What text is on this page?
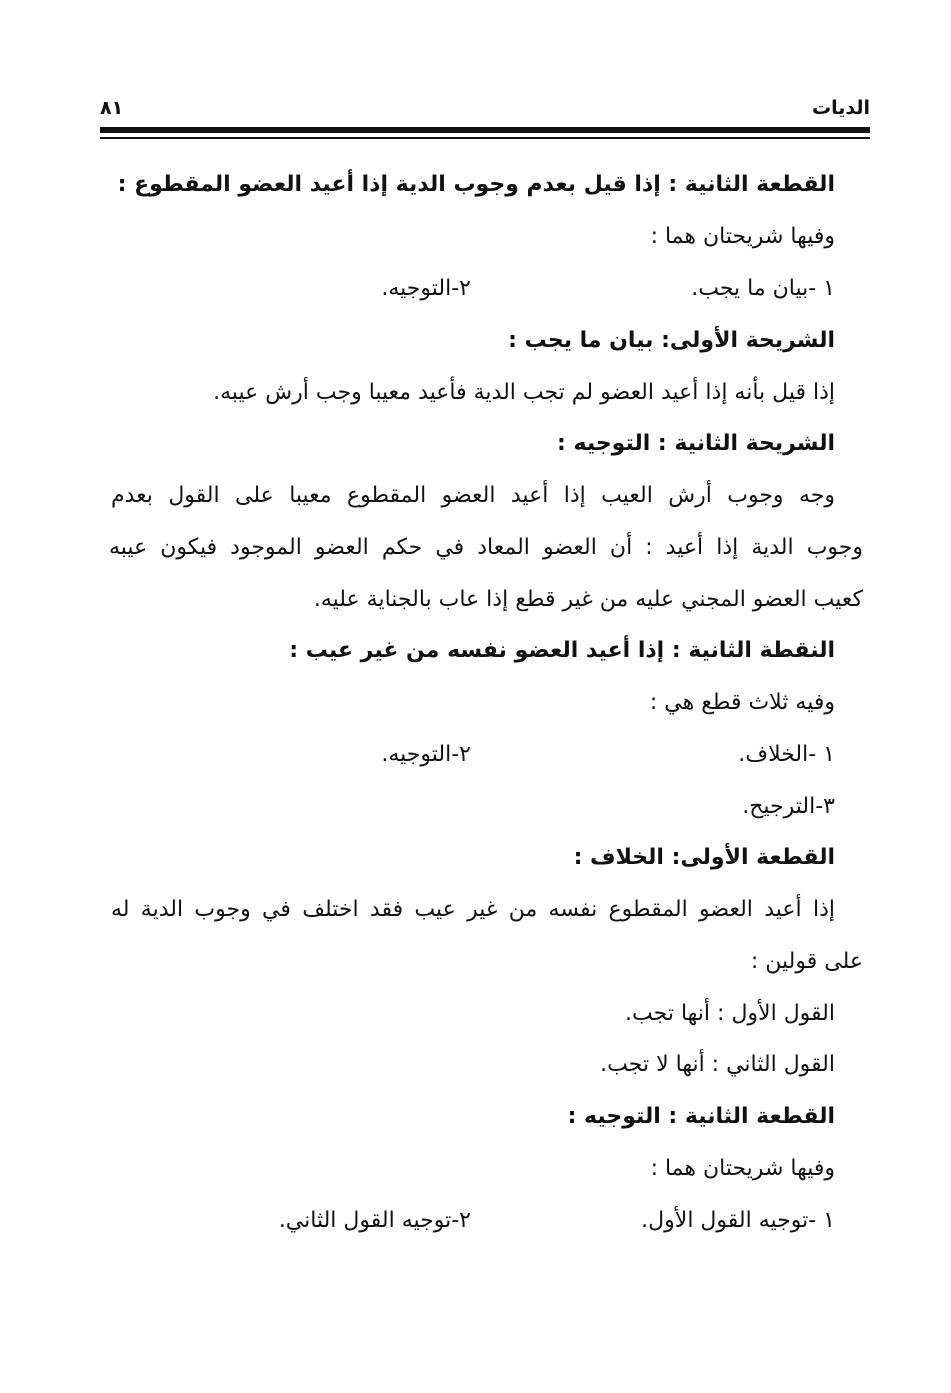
الديات
٨١
القطعة الثانية : إذا قيل بعدم وجوب الدية إذا أعيد العضو المقطوع :
وفيها شريحتان هما :
١ -بيان ما يجب.
٢-التوجيه.
الشريحة الأولى: بيان ما يجب :
إذا قيل بأنه إذا أعيد العضو لم تجب الدية فأعيد معيبا وجب أرش عيبه.
الشريحة الثانية : التوجيه :
وجه وجوب أرش العيب إذا أعيد العضو المقطوع معيبا على القول بعدم
وجوب الدية إذا أعيد : أن العضو المعاد في حكم العضو الموجود فيكون عيبه
كعيب العضو المجني عليه من غير قطع إذا عاب بالجناية عليه.
النقطة الثانية : إذا أعيد العضو نفسه من غير عيب :
وفيه ثلاث قطع هي :
١ -الخلاف.
٢-التوجيه.
٣-الترجيح.
القطعة الأولى: الخلاف :
إذا أعيد العضو المقطوع نفسه من غير عيب فقد اختلف في وجوب الدية له
على قولين :
القول الأول : أنها تجب.
القول الثاني : أنها لا تجب.
القطعة الثانية : التوجيه :
وفيها شريحتان هما :
١ -توجيه القول الأول.
٢-توجيه القول الثاني.
